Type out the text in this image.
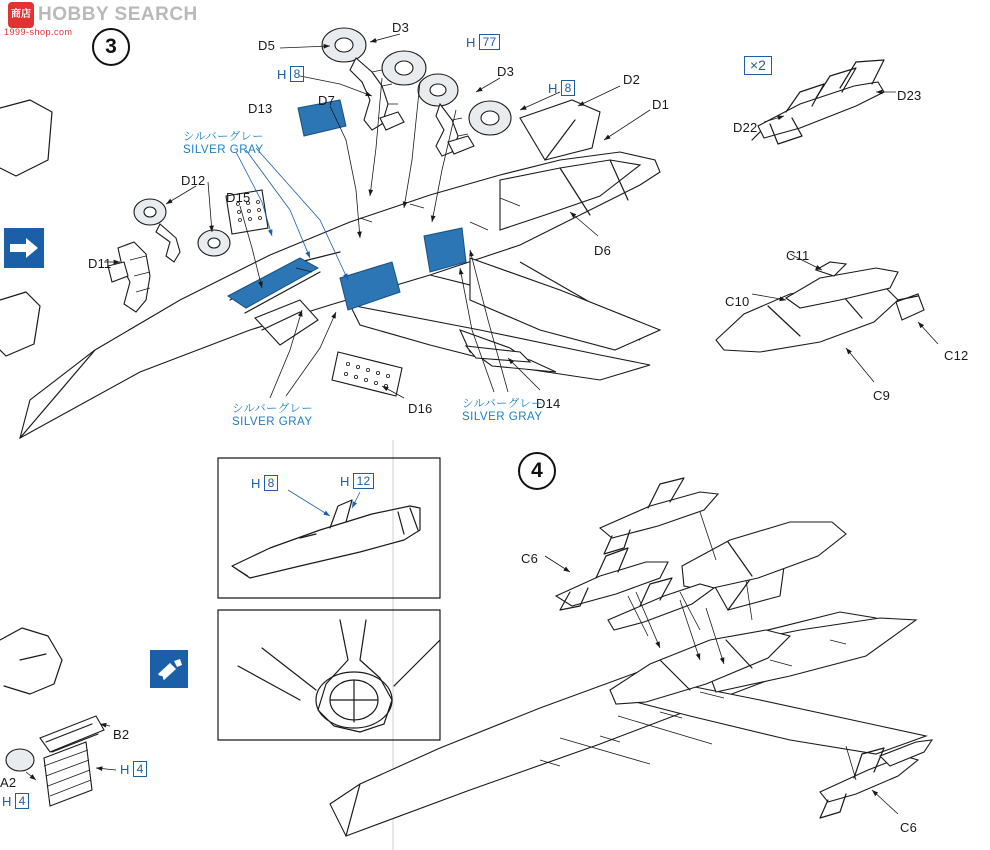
商店 HOBBY SEARCH
1999-shop.com
3
4
×2
D3
D5
D3
D2
D1
D13
D7
D12
D15
D11
D6
D14
D16
H 77
H 8
H 8
シルバーグレー
SILVER GRAY
シルバーグレー
SILVER GRAY
シルバーグレー
SILVER GRAY
D23
D22
C11
C10
C12
C9
H 8	H 12
C6
C6
B2
A2
H 4
H 4
